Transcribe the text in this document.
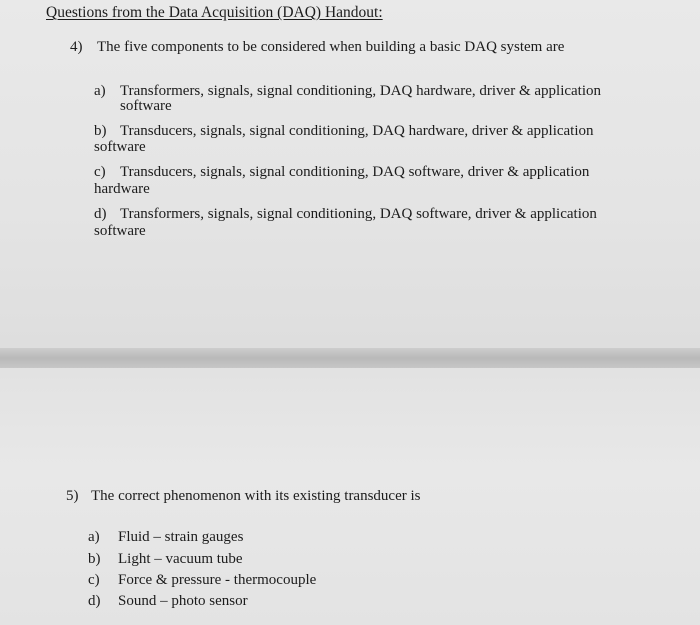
Questions from the Data Acquisition (DAQ) Handout:

4) The five components to be considered when building a basic DAQ system are

a) Transformers, signals, signal conditioning, DAQ hardware, driver & application

software

b) Transducers, signals, signal conditioning, DAQ hardware, driver & application

software

c) Transducers, signals, signal conditioning, DAQ software, driver & application

hardware

d) Transformers, signals, signal conditioning, DAQ software, driver & application

software

5) The correct phenomenon with its existing transducer is

a) Fluid – strain gauges

b) Light – vacuum tube

c) Force & pressure - thermocouple

d) Sound – photo sensor
